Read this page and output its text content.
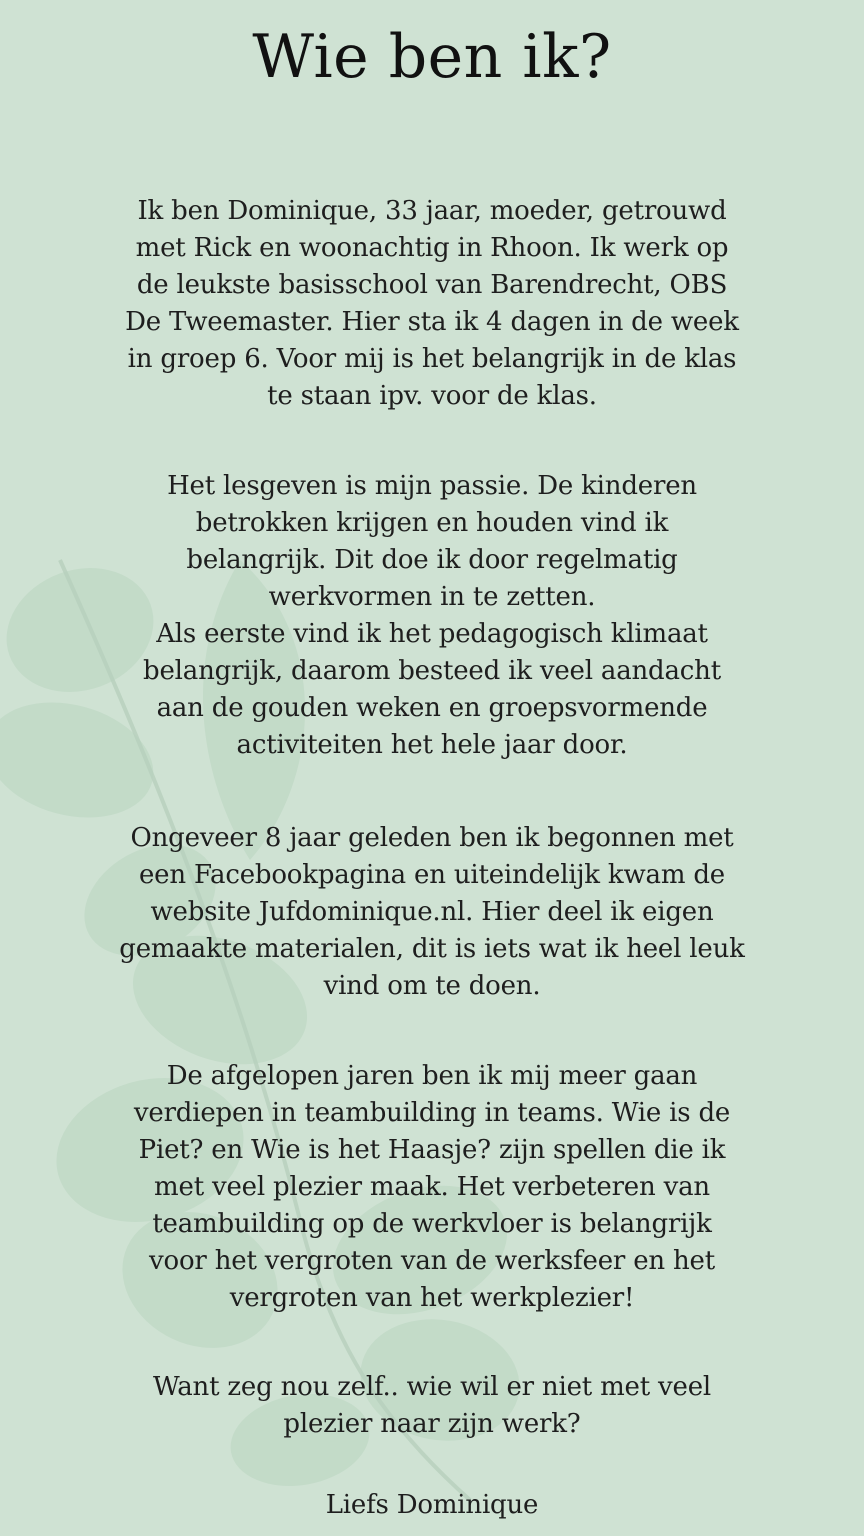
Wie ben ik?

Ik ben Dominique, 33 jaar, moeder, getrouwd
met Rick en woonachtig in Rhoon. Ik werk op
de leukste basisschool van Barendrecht, OBS
De Tweemaster. Hier sta ik 4 dagen in de week
in groep 6. Voor mij is het belangrijk in de klas
te staan ipv. voor de klas.

Het lesgeven is mijn passie. De kinderen
betrokken krijgen en houden vind ik
belangrijk. Dit doe ik door regelmatig
werkvormen in te zetten.
Als eerste vind ik het pedagogisch klimaat
belangrijk, daarom besteed ik veel aandacht
aan de gouden weken en groepsvormende
activiteiten het hele jaar door.

Ongeveer 8 jaar geleden ben ik begonnen met
een Facebookpagina en uiteindelijk kwam de
website Jufdominique.nl. Hier deel ik eigen
gemaakte materialen, dit is iets wat ik heel leuk
vind om te doen.

De afgelopen jaren ben ik mij meer gaan
verdiepen in teambuilding in teams. Wie is de
Piet? en Wie is het Haasje? zijn spellen die ik
met veel plezier maak. Het verbeteren van
teambuilding op de werkvloer is belangrijk
voor het vergroten van de werksfeer en het
vergroten van het werkplezier!

Want zeg nou zelf.. wie wil er niet met veel
plezier naar zijn werk?

Liefs Dominique
